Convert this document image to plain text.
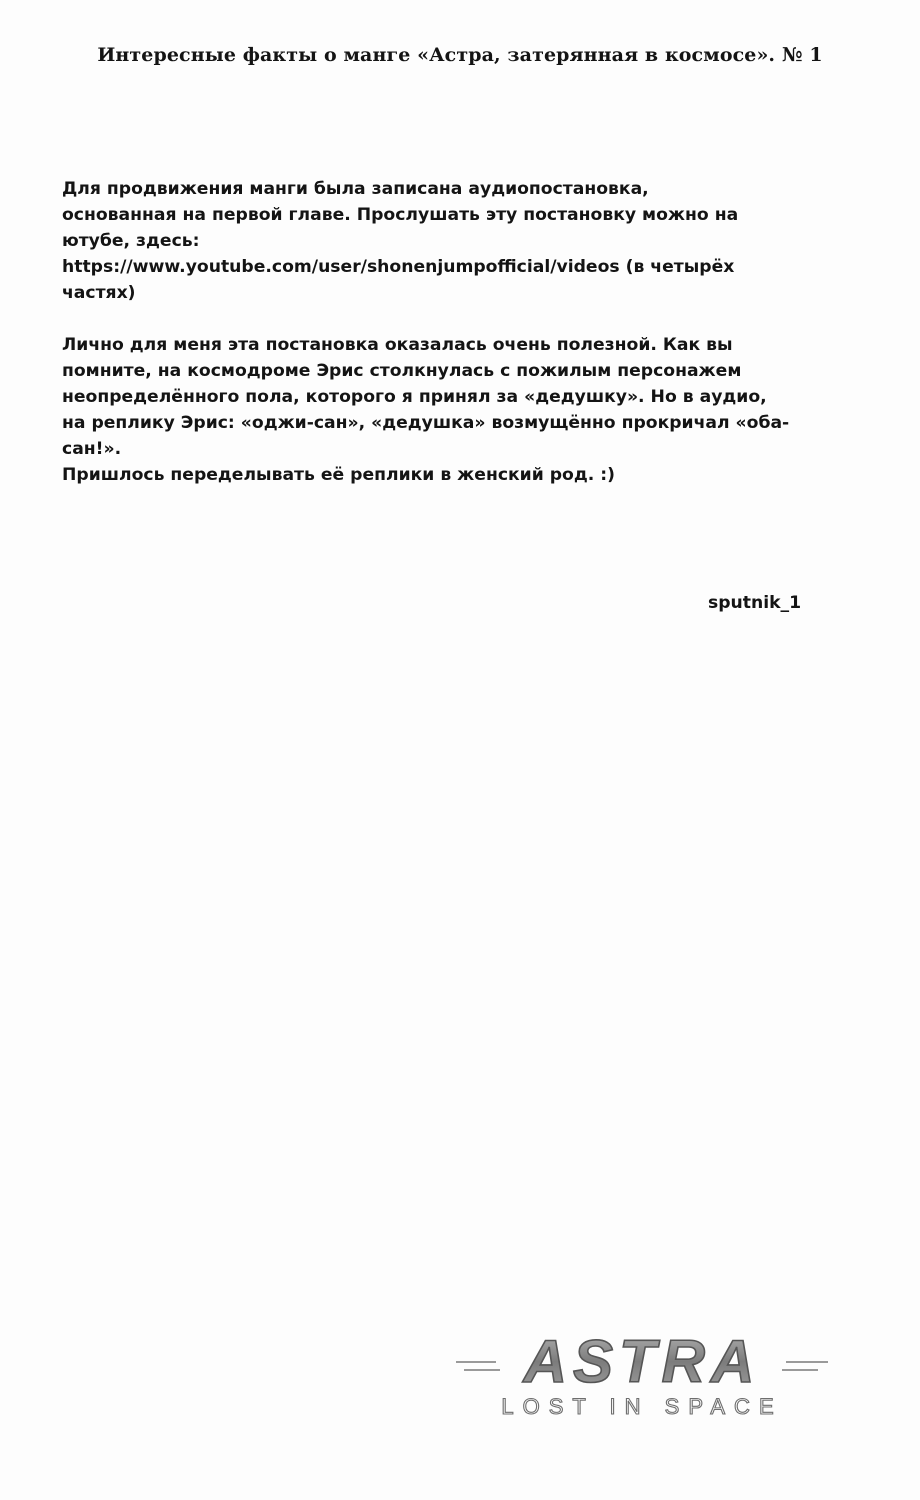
Интересные факты о манге «Астра, затерянная в космосе». № 1

Для продвижения манги была записана аудиопостановка,
основанная на первой главе. Прослушать эту постановку можно на
ютубе, здесь:
https://www.youtube.com/user/shonenjumpofficial/videos (в четырёх
частях)

Лично для меня эта постановка оказалась очень полезной. Как вы
помните, на космодроме Эрис столкнулась с пожилым персонажем
неопределённого пола, которого я принял за «дедушку». Но в аудио,
на реплику Эрис: «оджи-сан», «дедушка» возмущённо прокричал «оба-
сан!».
Пришлось переделывать её реплики в женский род. :)

sputnik_1
ASTRA
LOST IN SPACE
